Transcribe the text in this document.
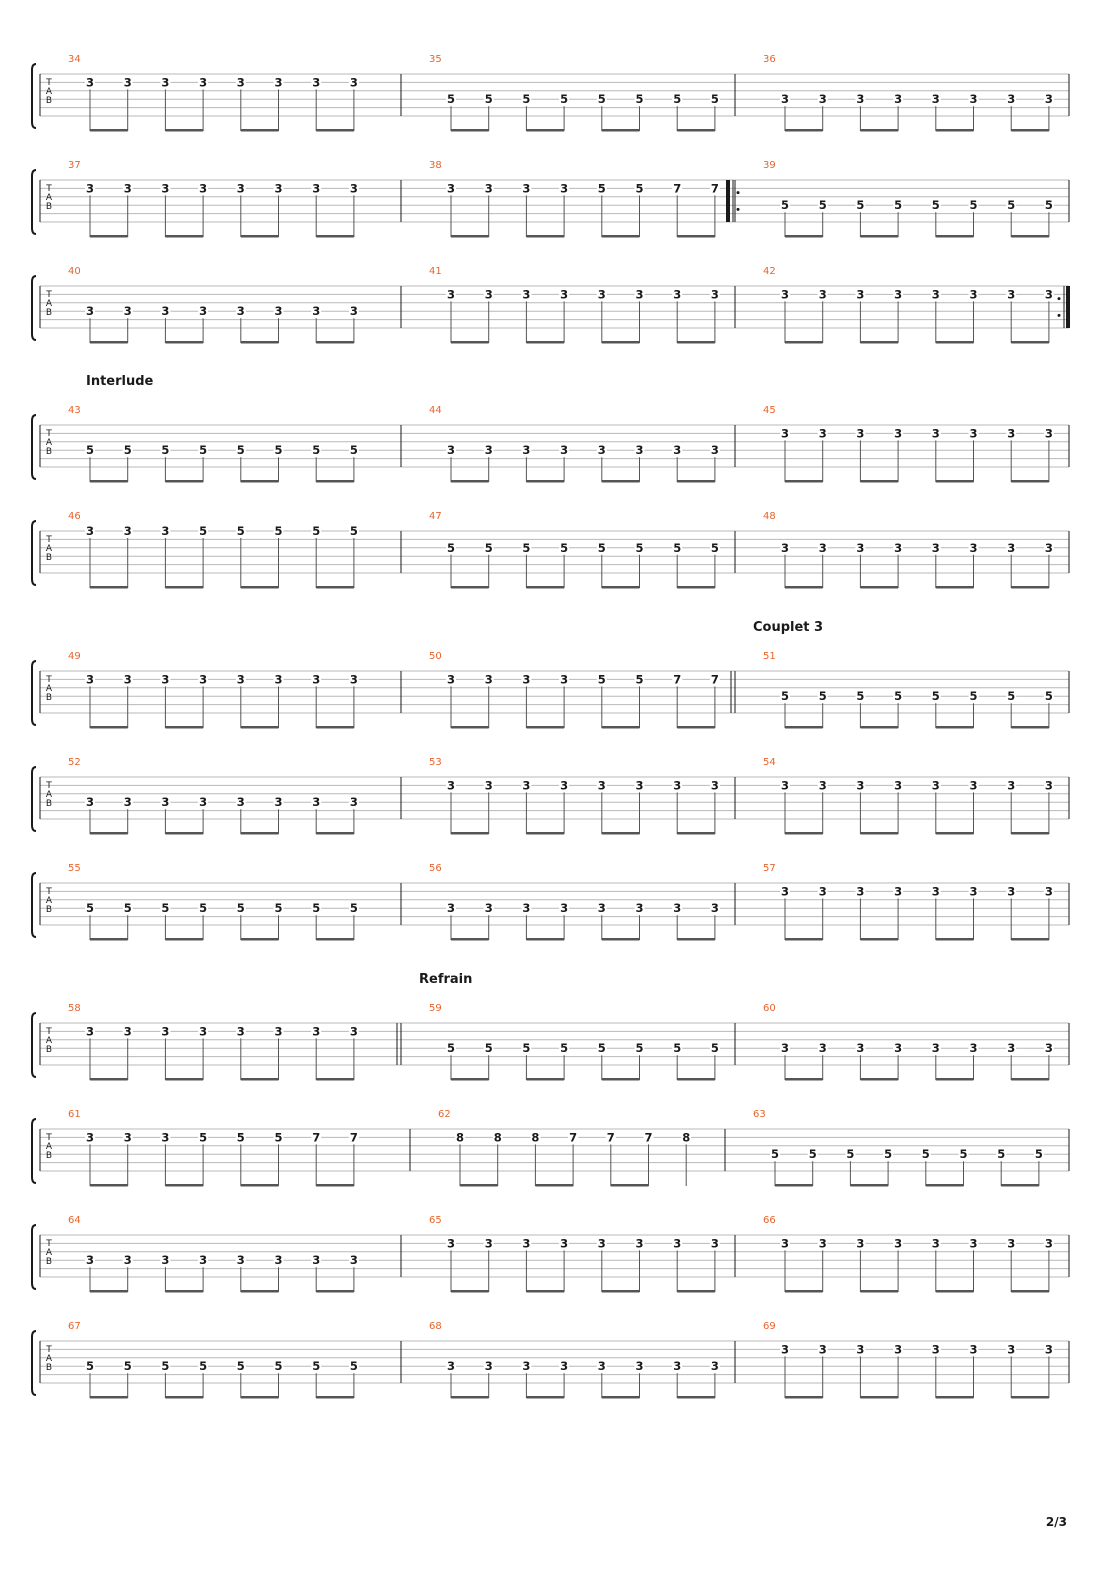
T
A
B
34
3	3	3	3	3	3	3	3
35
5	5	5	5	5	5	5	5
36
3	3	3	3	3	3	3	3
T
A
B
37
3	3	3	3	3	3	3	3
38
3	3	3	3	5	5	7	7
39
5	5	5	5	5	5	5	5
T
A
B
40
3	3	3	3	3	3	3	3
41
3	3	3	3	3	3	3	3
42
3	3	3	3	3	3	3	3
T
A
B
43
5	5	5	5	5	5	5	5
44
3	3	3	3	3	3	3	3
45
3	3	3	3	3	3	3	3
Interlude
T
A
B
46
3	3	3	5	5	5	5	5
47
5	5	5	5	5	5	5	5
48
3	3	3	3	3	3	3	3
T
A
B
49
3	3	3	3	3	3	3	3
50
3	3	3	3	5	5	7	7
51
5	5	5	5	5	5	5	5
Couplet 3
T
A
B
52
3	3	3	3	3	3	3	3
53
3	3	3	3	3	3	3	3
54
3	3	3	3	3	3	3	3
T
A
B
55
5	5	5	5	5	5	5	5
56
3	3	3	3	3	3	3	3
57
3	3	3	3	3	3	3	3
T
A
B
58
3	3	3	3	3	3	3	3
59
5	5	5	5	5	5	5	5
60
3	3	3	3	3	3	3	3
Refrain
T
A
B
61
3	3	3	5	5	5	7	7
62
8	8	8	7	7	7	8
63
5	5	5	5	5	5	5	5
T
A
B
64
3	3	3	3	3	3	3	3
65
3	3	3	3	3	3	3	3
66
3	3	3	3	3	3	3	3
T
A
B
67
5	5	5	5	5	5	5	5
68
3	3	3	3	3	3	3	3
69
3	3	3	3	3	3	3	3
2/3
